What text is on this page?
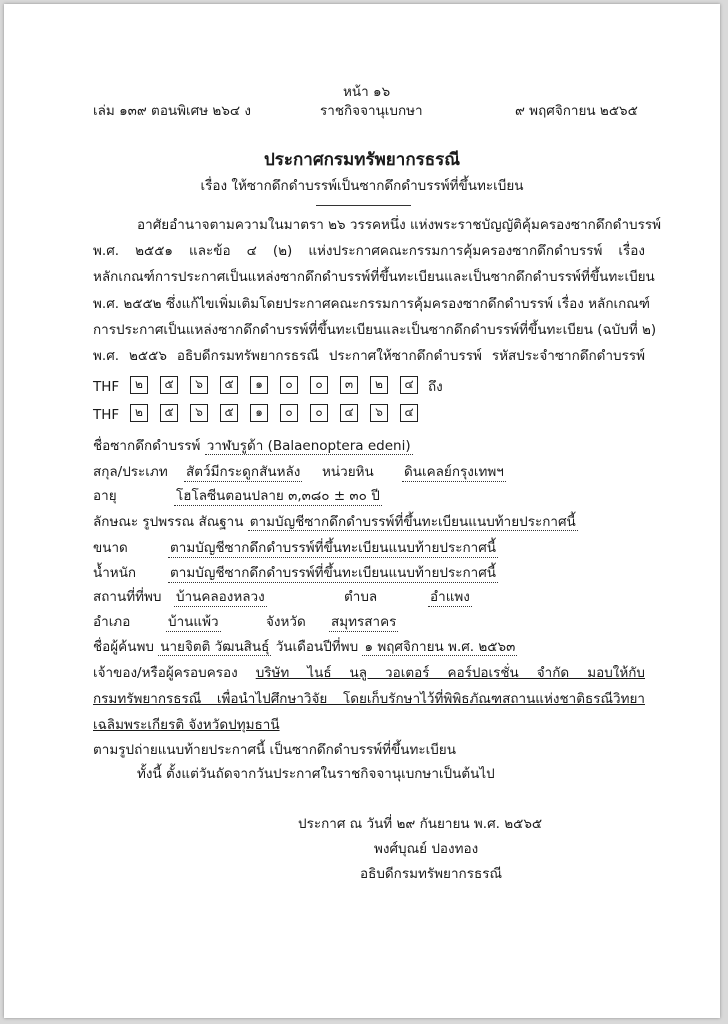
หน้า ๑๖
เล่ม ๑๓๙ ตอนพิเศษ ๒๖๔ ง	ราชกิจจานุเบกษา	๙ พฤศจิกายน ๒๕๖๕
ประกาศกรมทรัพยากรธรณี
เรื่อง ให้ซากดึกดำบรรพ์เป็นซากดึกดำบรรพ์ที่ขึ้นทะเบียน
อาศัยอำนาจตามความในมาตรา ๒๖ วรรคหนึ่ง แห่งพระราชบัญญัติคุ้มครองซากดึกดำบรรพ์
พ.ศ. ๒๕๕๑ และข้อ ๔ (๒) แห่งประกาศคณะกรรมการคุ้มครองซากดึกดำบรรพ์ เรื่อง
หลักเกณฑ์การประกาศเป็นแหล่งซากดึกดำบรรพ์ที่ขึ้นทะเบียนและเป็นซากดึกดำบรรพ์ที่ขึ้นทะเบียน
พ.ศ. ๒๕๕๒ ซึ่งแก้ไขเพิ่มเติมโดยประกาศคณะกรรมการคุ้มครองซากดึกดำบรรพ์ เรื่อง หลักเกณฑ์
การประกาศเป็นแหล่งซากดึกดำบรรพ์ที่ขึ้นทะเบียนและเป็นซากดึกดำบรรพ์ที่ขึ้นทะเบียน (ฉบับที่ ๒)
พ.ศ. ๒๕๕๖ อธิบดีกรมทรัพยากรธรณี ประกาศให้ซากดึกดำบรรพ์ รหัสประจำซากดึกดำบรรพ์
THF	๒ ๕ ๖ ๕ ๑ ๐ ๐ ๓ ๒ ๔	ถึง
THF	๒ ๕ ๖ ๕ ๑ ๐ ๐ ๔ ๖ ๔
ชื่อซากดึกดำบรรพ์ วาฬบรูด้า (Balaenoptera edeni)
สกุล/ประเภท สัตว์มีกระดูกสันหลัง หน่วยหิน ดินเคลย์กรุงเทพฯ
อายุ	โฮโลซีนตอนปลาย ๓,๓๘๐ ± ๓๐ ปี
ลักษณะ รูปพรรณ สัณฐาน ตามบัญชีซากดึกดำบรรพ์ที่ขึ้นทะเบียนแนบท้ายประกาศนี้
ขนาด	ตามบัญชีซากดึกดำบรรพ์ที่ขึ้นทะเบียนแนบท้ายประกาศนี้
น้ำหนัก	ตามบัญชีซากดึกดำบรรพ์ที่ขึ้นทะเบียนแนบท้ายประกาศนี้
สถานที่ที่พบ บ้านคลองหลวง	ตำบล	อำแพง
อำเภอ	บ้านแพ้ว	จังหวัด สมุทรสาคร
ชื่อผู้ค้นพบ นายจิตติ วัฒนสินธุ์ วันเดือนปีที่พบ ๑ พฤศจิกายน พ.ศ. ๒๕๖๓
เจ้าของ/หรือผู้ครอบครอง บริษัท ไนธ์ นลู วอเตอร์ คอร์ปอเรชั่น จำกัด มอบให้กับ
กรมทรัพยากรธรณี เพื่อนำไปศึกษาวิจัย โดยเก็บรักษาไว้ที่พิพิธภัณฑสถานแห่งชาติธรณีวิทยา
เฉลิมพระเกียรติ จังหวัดปทุมธานี
ตามรูปถ่ายแนบท้ายประกาศนี้ เป็นซากดึกดำบรรพ์ที่ขึ้นทะเบียน
ทั้งนี้ ตั้งแต่วันถัดจากวันประกาศในราชกิจจานุเบกษาเป็นต้นไป
ประกาศ ณ วันที่ ๒๙ กันยายน พ.ศ. ๒๕๖๕
พงศ์บุณย์ ปองทอง
อธิบดีกรมทรัพยากรธรณี
